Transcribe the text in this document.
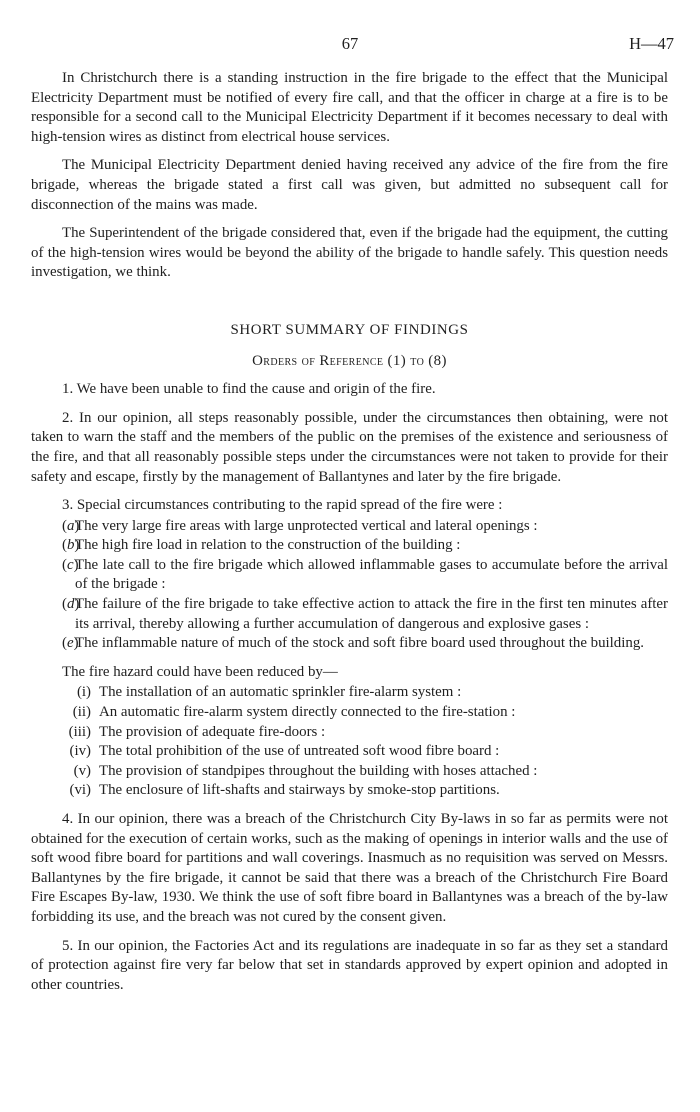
67	H—47

In Christchurch there is a standing instruction in the fire brigade to the effect that the Municipal Electricity Department must be notified of every fire call, and that the officer in charge at a fire is to be responsible for a second call to the Municipal Electricity Department if it becomes necessary to deal with high-tension wires as distinct from electrical house services.

The Municipal Electricity Department denied having received any advice of the fire from the fire brigade, whereas the brigade stated a first call was given, but admitted no subsequent call for disconnection of the mains was made.

The Superintendent of the brigade considered that, even if the brigade had the equipment, the cutting of the high-tension wires would be beyond the ability of the brigade to handle safely. This question needs investigation, we think.

SHORT SUMMARY OF FINDINGS
Orders of Reference (1) to (8)

1. We have been unable to find the cause and origin of the fire.

2. In our opinion, all steps reasonably possible, under the circumstances then obtaining, were not taken to warn the staff and the members of the public on the premises of the existence and seriousness of the fire, and that all reasonably possible steps under the circumstances were not taken to provide for their safety and escape, firstly by the management of Ballantynes and later by the fire brigade.

3. Special circumstances contributing to the rapid spread of the fire were :

( a ) The very large fire areas with large unprotected vertical and lateral openings :
( b ) The high fire load in relation to the construction of the building :
( c ) The late call to the fire brigade which allowed inflammable gases to accumulate before the arrival of the brigade :
( d ) The failure of the fire brigade to take effective action to attack the fire in the first ten minutes after its arrival, thereby allowing a further accumulation of dangerous and explosive gases :
( e ) The inflammable nature of much of the stock and soft fibre board used throughout the building.

The fire hazard could have been reduced by—

(i) The installation of an automatic sprinkler fire-alarm system :
(ii) An automatic fire-alarm system directly connected to the fire-station :
(iii) The provision of adequate fire-doors :
(iv) The total prohibition of the use of untreated soft wood fibre board :
(v) The provision of standpipes throughout the building with hoses attached :
(vi) The enclosure of lift-shafts and stairways by smoke-stop partitions.

4. In our opinion, there was a breach of the Christchurch City By-laws in so far as permits were not obtained for the execution of certain works, such as the making of openings in interior walls and the use of soft wood fibre board for partitions and wall coverings. Inasmuch as no requisition was served on Messrs. Ballantynes by the fire brigade, it cannot be said that there was a breach of the Christchurch Fire Board Fire Escapes By-law, 1930. We think the use of soft fibre board in Ballantynes was a breach of the by-law forbidding its use, and the breach was not cured by the consent given.

5. In our opinion, the Factories Act and its regulations are inadequate in so far as they set a standard of protection against fire very far below that set in standards approved by expert opinion and adopted in other countries.
